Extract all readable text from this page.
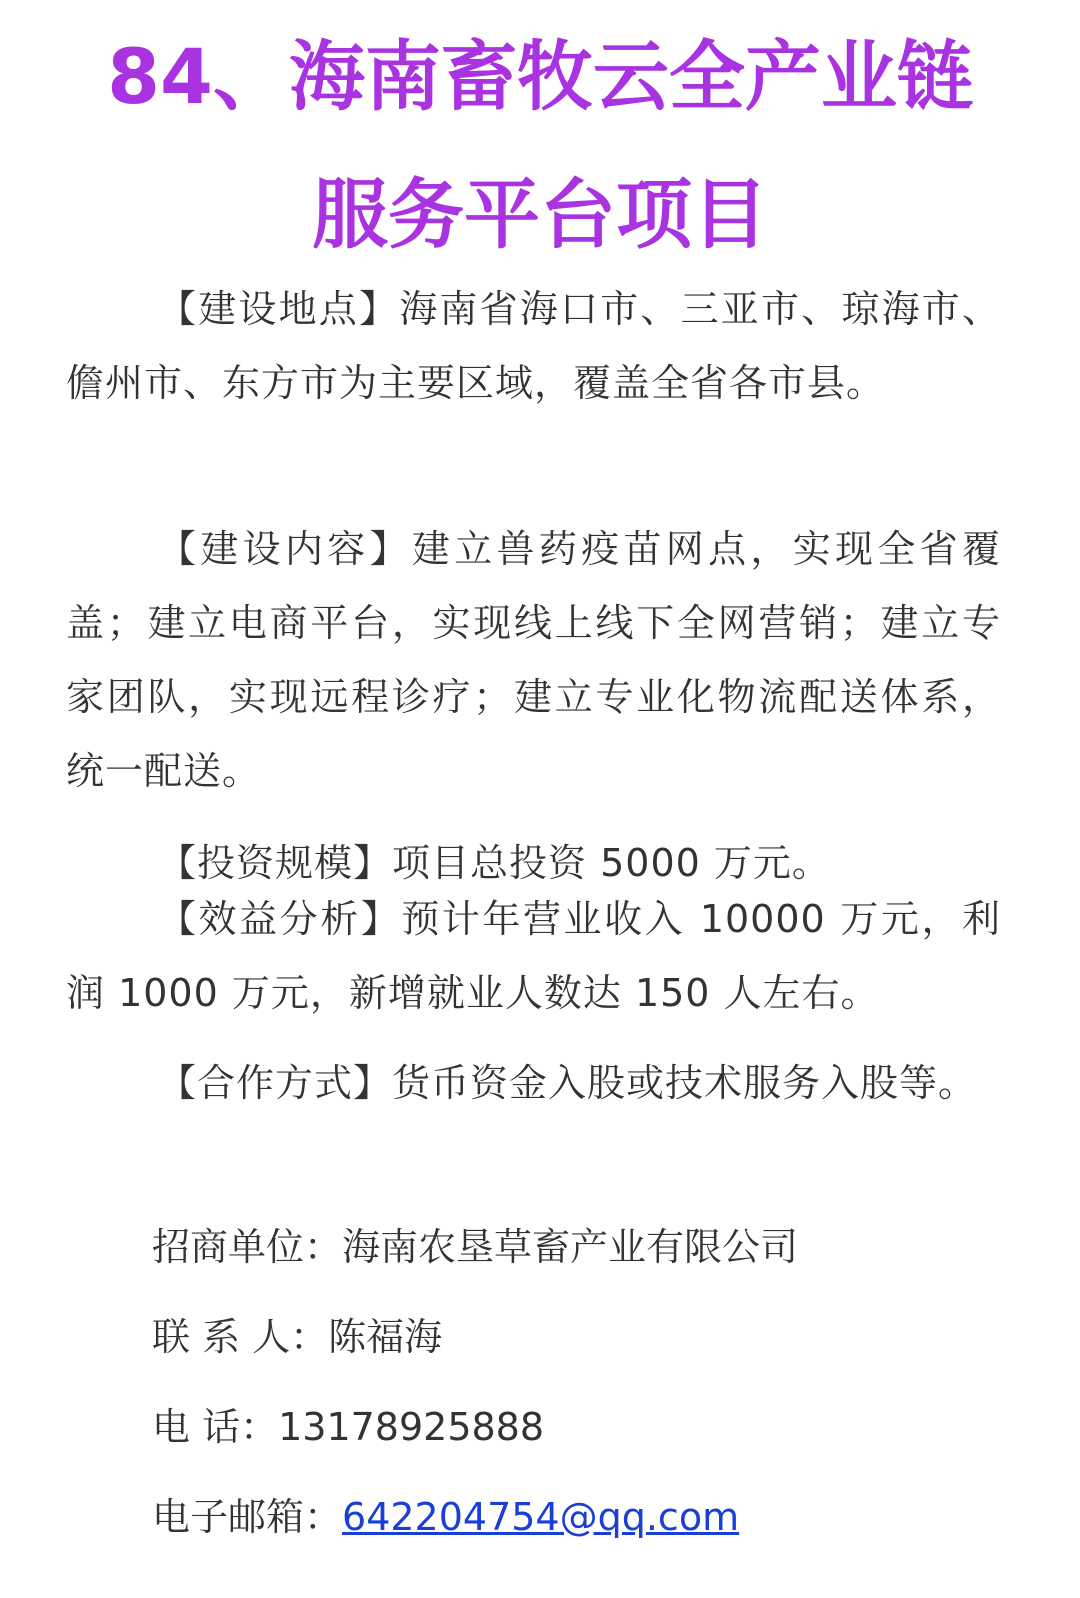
84、海南畜牧云全产业链
服务平台项目

【建设地点】海南省海口市、三亚市、琼海市、儋州市、东方市为主要区域，覆盖全省各市县。

【建设内容】建立兽药疫苗网点，实现全省覆盖；建立电商平台，实现线上线下全网营销；建立专家团队，实现远程诊疗；建立专业化物流配送体系，统一配送。

【投资规模】项目总投资 5000 万元。

【效益分析】预计年营业收入 10000 万元，利润 1000 万元，新增就业人数达 150 人左右。

【合作方式】货币资金入股或技术服务入股等。

招商单位：海南农垦草畜产业有限公司

联 系 人：陈福海

电 话：13178925888

电子邮箱：642204754@qq.com
